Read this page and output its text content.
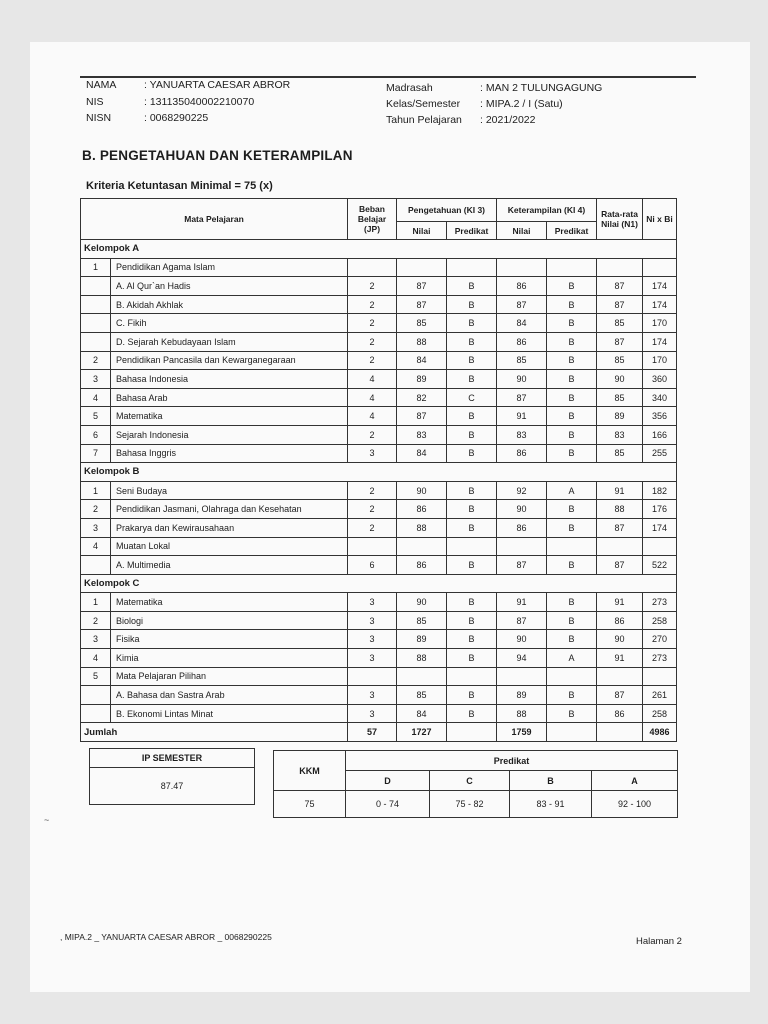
NAMA	: YANUARTA CAESAR ABROR
NIS	: 131135040002210070
NISN	: 0068290225
Madrasah	: MAN 2 TULUNGAGUNG
Kelas/Semester : MIPA.2 / I (Satu)
Tahun Pelajaran : 2021/2022
B. PENGETAHUAN DAN KETERAMPILAN
Kriteria Ketuntasan Minimal = 75 (x)
Mata Pelajaran		Beban Belajar (JP)	Pengetahuan (KI 3)		Keterampilan (KI 4)		Rata-rata Nilai (N1)	Ni x Bi
			Nilai	Predikat	Nilai	Predikat		
Kelompok A								
1	Pendidikan Agama Islam							
	A. Al Qur`an Hadis	2	87	B	86	B	87	174
	B. Akidah Akhlak	2	87	B	87	B	87	174
	C. Fikih	2	85	B	84	B	85	170
	D. Sejarah Kebudayaan Islam	2	88	B	86	B	87	174
2	Pendidikan Pancasila dan Kewarganegaraan	2	84	B	85	B	85	170
3	Bahasa Indonesia	4	89	B	90	B	90	360
4	Bahasa Arab	4	82	C	87	B	85	340
5	Matematika	4	87	B	91	B	89	356
6	Sejarah Indonesia	2	83	B	83	B	83	166
7	Bahasa Inggris	3	84	B	86	B	85	255
Kelompok B								
1	Seni Budaya	2	90	B	92	A	91	182
2	Pendidikan Jasmani, Olahraga dan Kesehatan	2	86	B	90	B	88	176
3	Prakarya dan Kewirausahaan	2	88	B	86	B	87	174
4	Muatan Lokal							
	A. Multimedia	6	86	B	87	B	87	522
Kelompok C								
1	Matematika	3	90	B	91	B	91	273
2	Biologi	3	85	B	87	B	86	258
3	Fisika	3	89	B	90	B	90	270
4	Kimia	3	88	B	94	A	91	273
5	Mata Pelajaran Pilihan							
	A. Bahasa dan Sastra Arab	3	85	B	89	B	87	261
	B. Ekonomi Lintas Minat	3	84	B	88	B	86	258
Jumlah		57	1727		1759			4986
IP SEMESTER
87.47
KKM	Predikat			
	D	C	B	A
75	0 - 74	75 - 82	83 - 91	92 - 100
~
, MIPA.2 _ YANUARTA CAESAR ABROR _ 0068290225	Halaman 2
